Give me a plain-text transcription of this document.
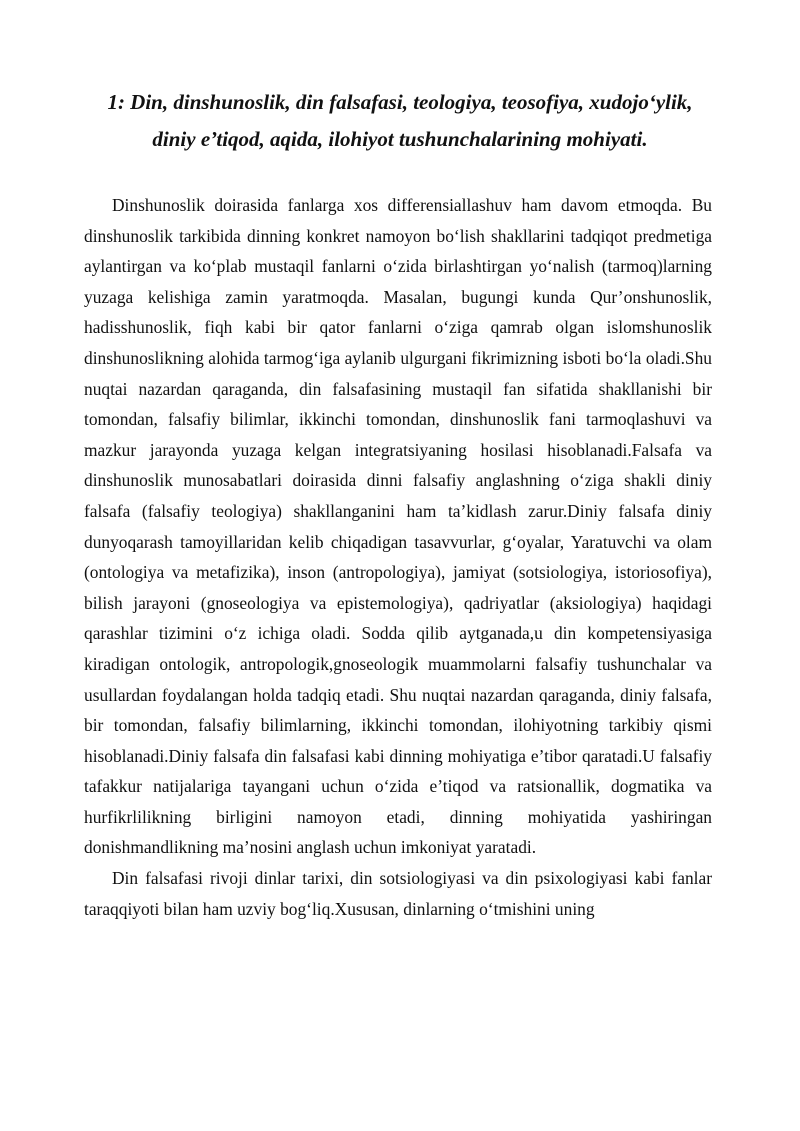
1: Din, dinshunoslik, din falsafasi, teologiya, teosofiya, xudojo‘ylik, diniy e’tiqod, aqida, ilohiyot tushunchalarining mohiyati.

Dinshunoslik doirasida fanlarga xos differensiallashuv ham davom etmoqda. Bu dinshunoslik tarkibida dinning konkret namoyon bo‘lish shakllarini tadqiqot predmetiga aylantirgan va ko‘plab mustaqil fanlarni o‘zida birlashtirgan yo‘nalish (tarmoq)larning yuzaga kelishiga zamin yaratmoqda. Masalan, bugungi kunda Qur’onshunoslik, hadisshunoslik, fiqh kabi bir qator fanlarni o‘ziga qamrab olgan islomshunoslik dinshunoslikning alohida tarmog‘iga aylanib ulgurgani fikrimizning isboti bo‘la oladi.Shu nuqtai nazardan qaraganda, din falsafasining mustaqil fan sifatida shakllanishi bir tomondan, falsafiy bilimlar, ikkinchi tomondan, dinshunoslik fani tarmoqlashuvi va mazkur jarayonda yuzaga kelgan integratsiyaning hosilasi hisoblanadi.Falsafa va dinshunoslik munosabatlari doirasida dinni falsafiy anglashning o‘ziga shakli diniy falsafa (falsafiy teologiya) shakllanganini ham ta’kidlash zarur.Diniy falsafa diniy dunyoqarash tamoyillaridan kelib chiqadigan tasavvurlar, g‘oyalar, Yaratuvchi va olam (ontologiya va metafizika), inson (antropologiya), jamiyat (sotsiologiya, istoriosofiya), bilish jarayoni (gnoseologiya va epistemologiya), qadriyatlar (aksiologiya) haqidagi qarashlar tizimini o‘z ichiga oladi. Sodda qilib aytganada,u din kompetensiyasiga kiradigan ontologik, antropologik,gnoseologik muammolarni falsafiy tushunchalar va usullardan foydalangan holda tadqiq etadi. Shu nuqtai nazardan qaraganda, diniy falsafa, bir tomondan, falsafiy bilimlarning, ikkinchi tomondan, ilohiyotning tarkibiy qismi hisoblanadi.Diniy falsafa din falsafasi kabi dinning mohiyatiga e’tibor qaratadi.U falsafiy tafakkur natijalariga tayangani uchun o‘zida e’tiqod va ratsionallik, dogmatika va hurfikrlilikning birligini namoyon etadi, dinning mohiyatida yashiringan donishmandlikning ma’nosini anglash uchun imkoniyat yaratadi.

Din falsafasi rivoji dinlar tarixi, din sotsiologiyasi va din psixologiyasi kabi fanlar taraqqiyoti bilan ham uzviy bog‘liq.Xususan, dinlarning o‘tmishini uning
